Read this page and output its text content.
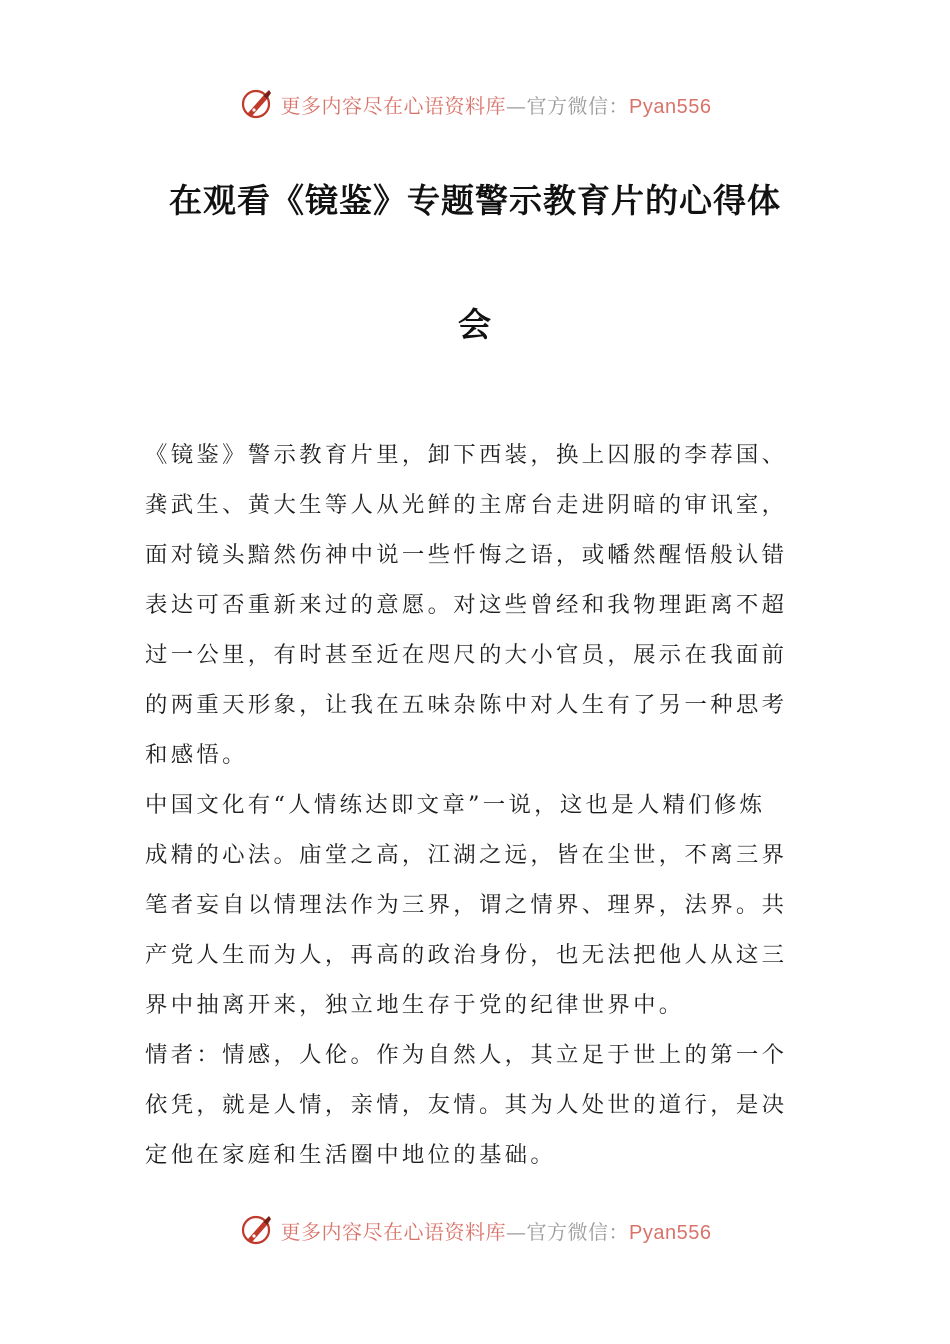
更多内容尽在心语资料库—官方微信：Pyan556
在观看《镜鉴》专题警示教育片的心得体
会

《镜鉴》警示教育片里，卸下西装，换上囚服的李荐国、

龚武生、黄大生等人从光鲜的主席台走进阴暗的审讯室，

面对镜头黯然伤神中说一些忏悔之语，或幡然醒悟般认错

表达可否重新来过的意愿。对这些曾经和我物理距离不超

过一公里，有时甚至近在咫尺的大小官员，展示在我面前

的两重天形象，让我在五味杂陈中对人生有了另一种思考

和感悟。

中国文化有“人情练达即文章”一说，这也是人精们修炼

成精的心法。庙堂之高，江湖之远，皆在尘世，不离三界

笔者妄自以情理法作为三界，谓之情界、理界，法界。共

产党人生而为人，再高的政治身份，也无法把他人从这三

界中抽离开来，独立地生存于党的纪律世界中。

情者：情感，人伦。作为自然人，其立足于世上的第一个

依凭，就是人情，亲情，友情。其为人处世的道行，是决

定他在家庭和生活圈中地位的基础。

更多内容尽在心语资料库—官方微信：Pyan556
